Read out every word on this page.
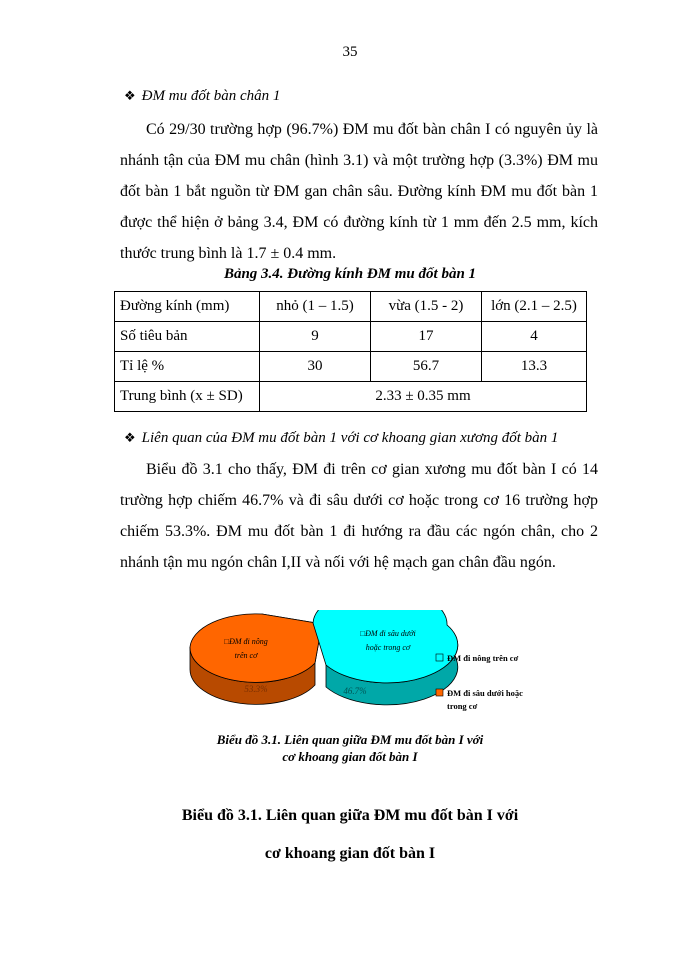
35
❖ ĐM mu đốt bàn chân 1

Có 29/30 trường hợp (96.7%) ĐM mu đốt bàn chân I có nguyên ủy là nhánh tận của ĐM mu chân (hình 3.1) và một trường hợp (3.3%) ĐM mu đốt bàn 1 bắt nguồn từ ĐM gan chân sâu. Đường kính ĐM mu đốt bàn 1 được thể hiện ở bảng 3.4, ĐM có đường kính từ 1 mm đến 2.5 mm, kích thước trung bình là 1.7 ± 0.4 mm.

Bảng 3.4. Đường kính ĐM mu đốt bàn 1
Đường kính (mm)	nhỏ (1 – 1.5)	vừa (1.5 - 2)	lớn (2.1 – 2.5)
Số tiêu bản	9	17	4
Tỉ lệ %	30	56.7	13.3
Trung bình (x ± SD)	2.33 ± 0.35 mm		
❖ Liên quan của ĐM mu đốt bàn 1 với cơ khoang gian xương đốt bàn 1

Biểu đồ 3.1 cho thấy, ĐM đi trên cơ gian xương mu đốt bàn I có 14 trường hợp chiếm 46.7% và đi sâu dưới cơ hoặc trong cơ 16 trường hợp chiếm 53.3%. ĐM mu đốt bàn 1 đi hướng ra đầu các ngón chân, cho 2 nhánh tận mu ngón chân I,II và nối với hệ mạch gan chân đầu ngón.

□ĐM đi nông
trên cơ
□ĐM đi sâu dưới
hoặc trong cơ
53.3%	46.7%
ĐM đi nông trên cơ
ĐM đi sâu dưới hoặc
trong cơ
Biểu đồ 3.1. Liên quan giữa ĐM mu đốt bàn I với
cơ khoang gian đốt bàn I
Biểu đồ 3.1. Liên quan giữa ĐM mu đốt bàn I với
cơ khoang gian đốt bàn I
